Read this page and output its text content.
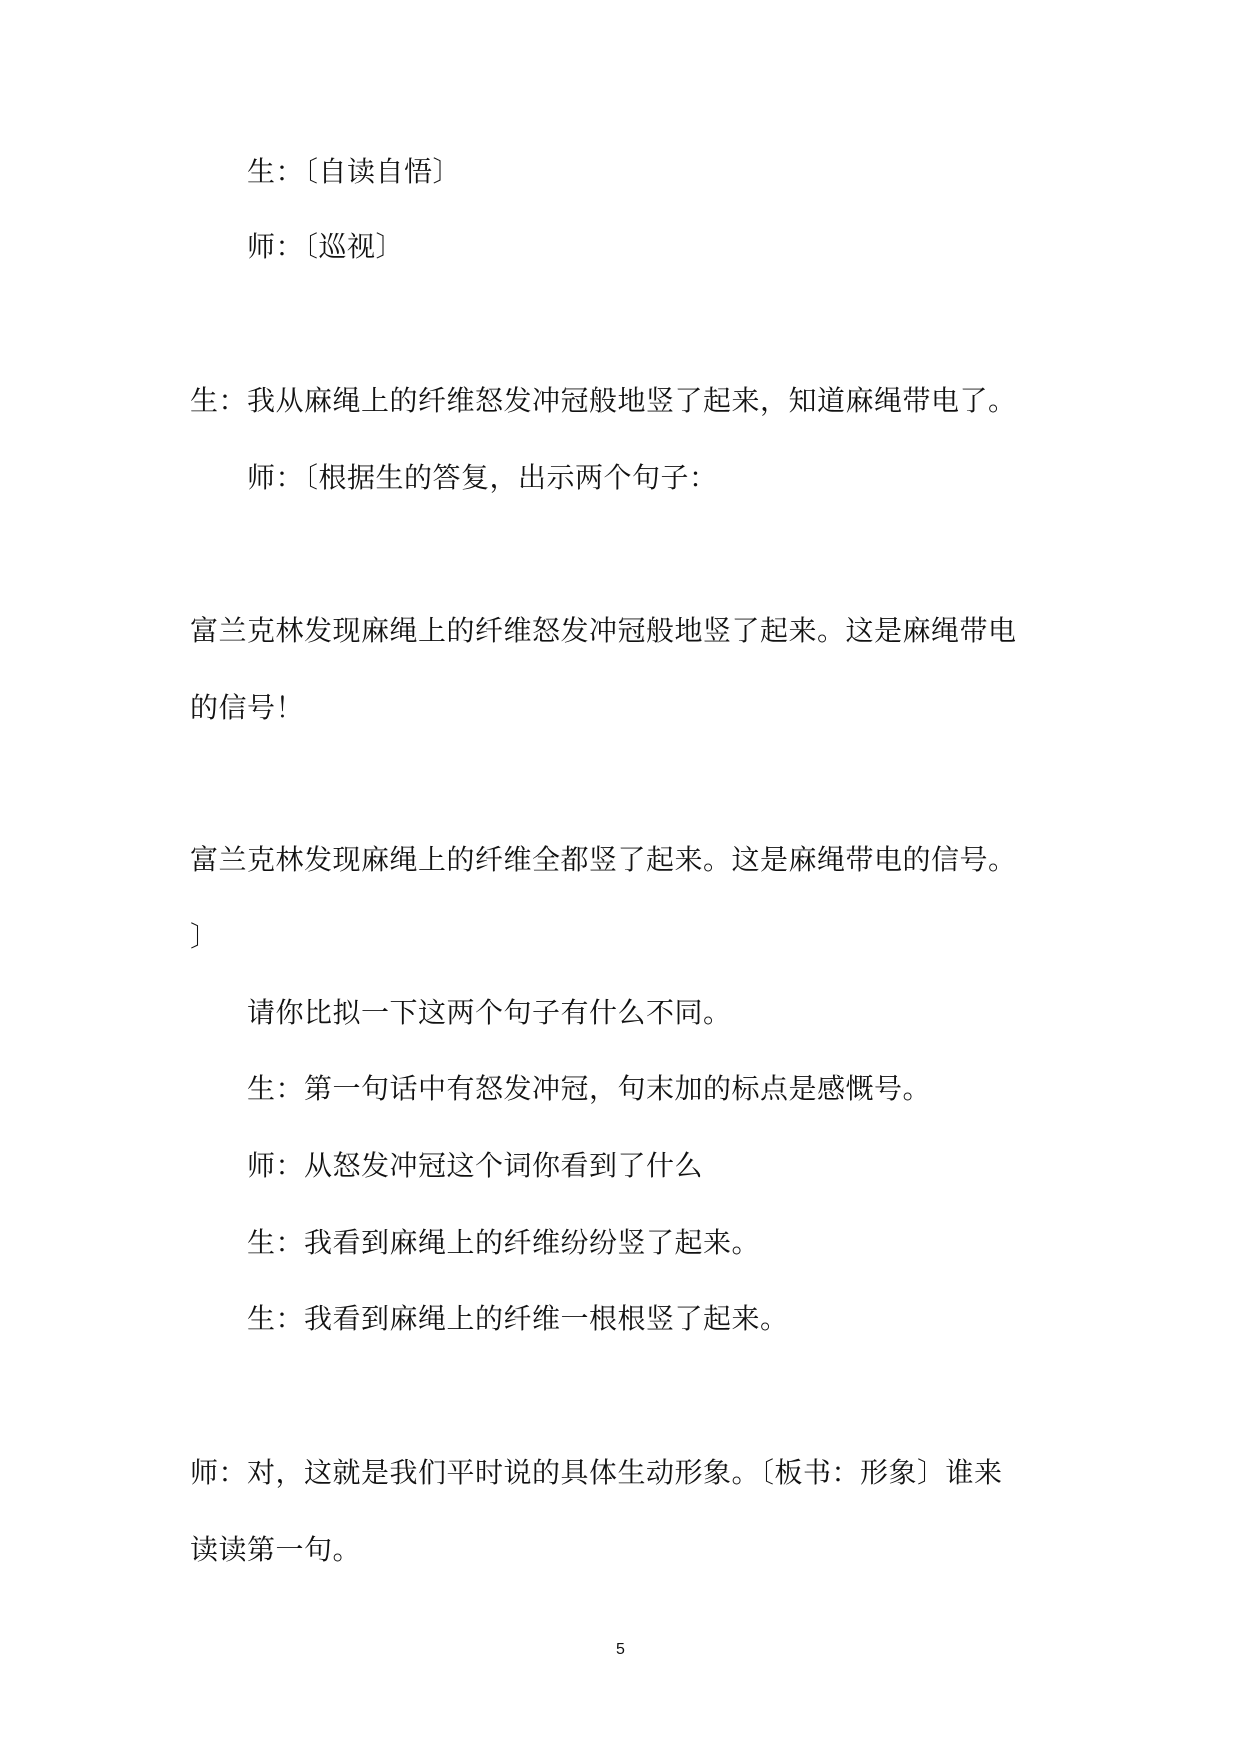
生：〔自读自悟〕
师：〔巡视〕
生：我从麻绳上的纤维怒发冲冠般地竖了起来，知道麻绳带电了。
师：〔根据生的答复，出示两个句子：
富兰克林发现麻绳上的纤维怒发冲冠般地竖了起来。这是麻绳带电
的信号！
富兰克林发现麻绳上的纤维全都竖了起来。这是麻绳带电的信号。
〕
请你比拟一下这两个句子有什么不同。
生：第一句话中有怒发冲冠，句末加的标点是感慨号。
师：从怒发冲冠这个词你看到了什么
生：我看到麻绳上的纤维纷纷竖了起来。
生：我看到麻绳上的纤维一根根竖了起来。
师：对，这就是我们平时说的具体生动形象。〔板书：形象〕谁来
读读第一句。
5
